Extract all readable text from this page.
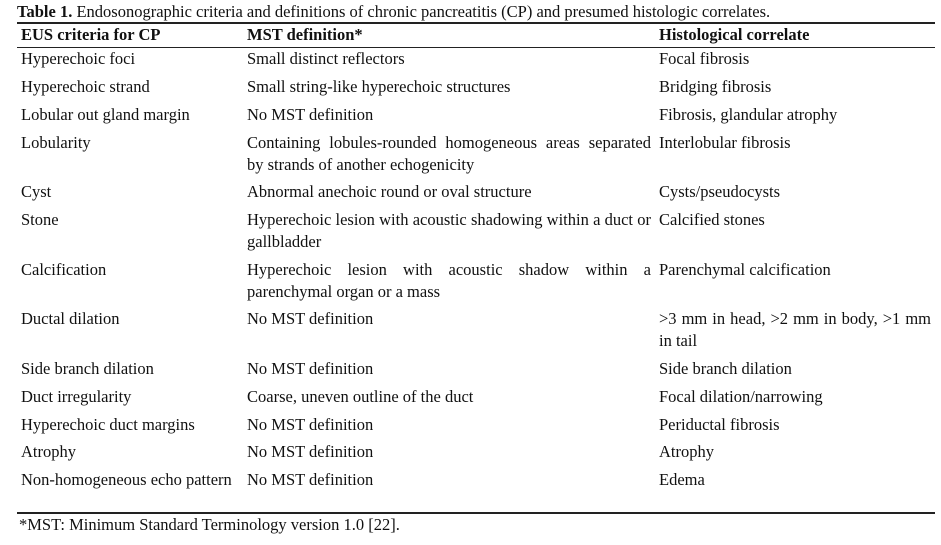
Table 1. Endosonographic criteria and definitions of chronic pancreatitis (CP) and presumed histologic correlates.
EUS criteria for CP	MST definition*	Histological correlate
Hyperechoic foci	Small distinct reflectors	Focal fibrosis
Hyperechoic strand	Small string-like hyperechoic structures	Bridging fibrosis
Lobular out gland margin	No MST definition	Fibrosis, glandular atrophy
Lobularity	Containing lobules-rounded homogeneous areas separated by strands of another echogenicity	Interlobular fibrosis
Cyst	Abnormal anechoic round or oval structure	Cysts/pseudocysts
Stone	Hyperechoic lesion with acoustic shadowing within a duct or gallbladder	Calcified stones
Calcification	Hyperechoic lesion with acoustic shadow within a parenchymal organ or a mass	Parenchymal calcification
Ductal dilation	No MST definition	>3 mm in head, >2 mm in body, >1 mm in tail
Side branch dilation	No MST definition	Side branch dilation
Duct irregularity	Coarse, uneven outline of the duct	Focal dilation/narrowing
Hyperechoic duct margins	No MST definition	Periductal fibrosis
Atrophy	No MST definition	Atrophy
Non-homogeneous echo pattern	No MST definition	Edema
*MST: Minimum Standard Terminology version 1.0 [22].
